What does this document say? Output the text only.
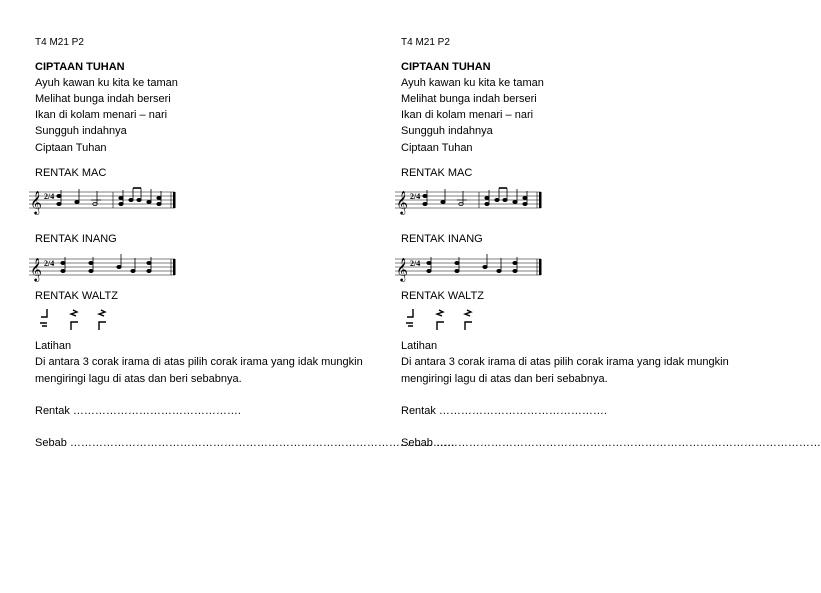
T4 M21 P2
CIPTAAN TUHAN
Ayuh kawan ku kita ke taman
Melihat bunga indah berseri
Ikan di kolam menari – nari
Sungguh indahnya
Ciptaan Tuhan
RENTAK MAC
𝄞 2/4
RENTAK INANG
𝄞 2/4
RENTAK WALTZ
Latihan
Di antara 3 corak irama di atas pilih corak irama yang idak mungkin
mengiringi lagu di atas dan beri sebabnya.
Rentak ……………………………………….
Sebab ……………………………………………………………………………………………
T4 M21 P2
CIPTAAN TUHAN
Ayuh kawan ku kita ke taman
Melihat bunga indah berseri
Ikan di kolam menari – nari
Sungguh indahnya
Ciptaan Tuhan
RENTAK MAC
𝄞 2/4
RENTAK INANG
𝄞 2/4
RENTAK WALTZ
Latihan
Di antara 3 corak irama di atas pilih corak irama yang idak mungkin
mengiringi lagu di atas dan beri sebabnya.
Rentak ……………………………………….
Sebab ……………………………………………………………………………………………
